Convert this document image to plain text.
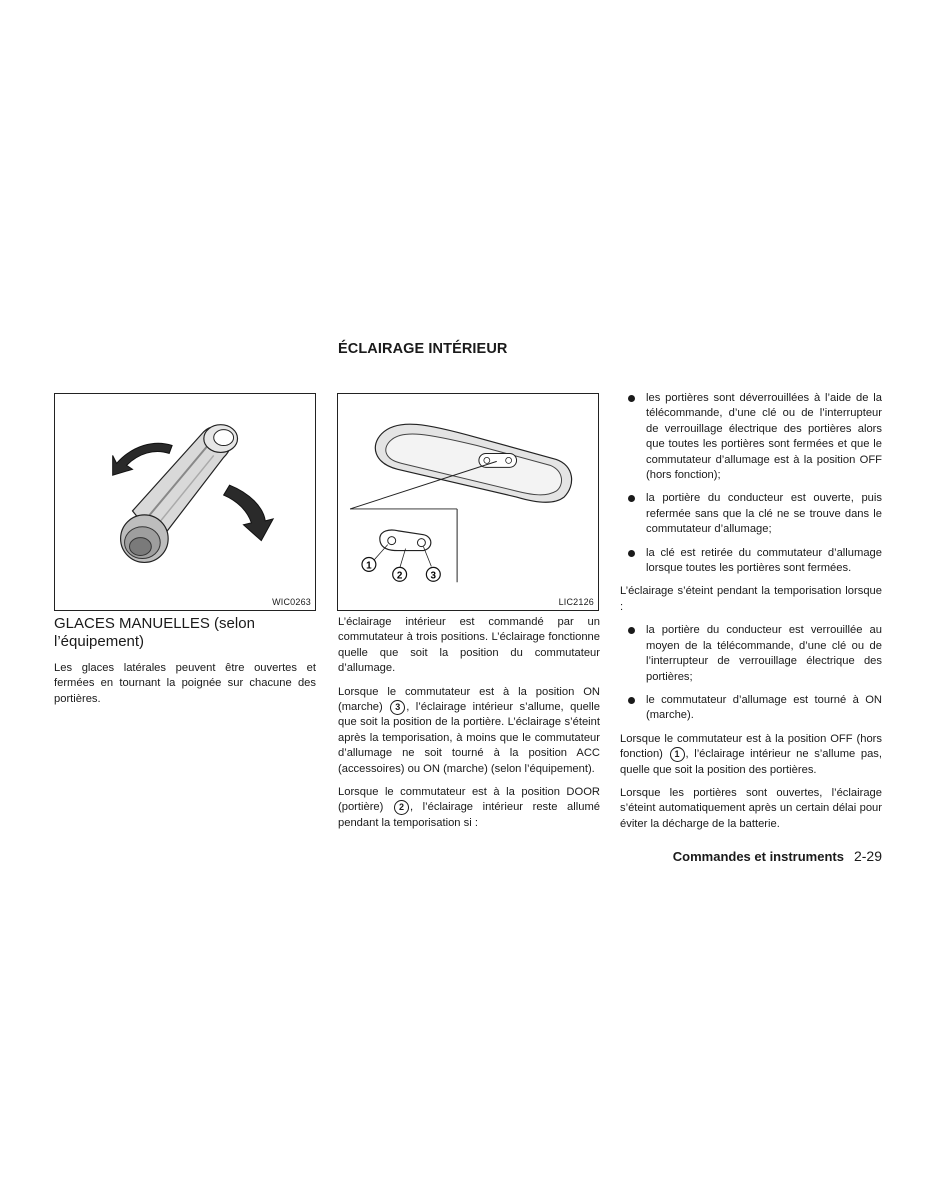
ÉCLAIRAGE INTÉRIEUR
WIC0263
1
2	3
LIC2126
GLACES MANUELLES (selon l’équipement)

Les glaces latérales peuvent être ouvertes et fermées en tournant la poignée sur chacune des portières.

L’éclairage intérieur est commandé par un commutateur à trois positions. L’éclairage fonctionne quelle que soit la position du commutateur d’allumage.

Lorsque le commutateur est à la position ON (marche) 3 , l’éclairage intérieur s’allume, quelle que soit la position de la portière. L’éclairage s’éteint après la temporisation, à moins que le commutateur d’allumage ne soit tourné à la position ACC (accessoires) ou ON (marche) (selon l’équipement).

Lorsque le commutateur est à la position DOOR (portière) 2 , l’éclairage intérieur reste allumé pendant la temporisation si :

les portières sont déverrouillées à l’aide de la télécommande, d’une clé ou de l’interrupteur de verrouillage électrique des portières alors que toutes les portières sont fermées et que le commutateur d’allumage est à la position OFF (hors fonction);
la portière du conducteur est ouverte, puis refermée sans que la clé ne se trouve dans le commutateur d’allumage;
la clé est retirée du commutateur d’allumage lorsque toutes les portières sont fermées.

L’éclairage s’éteint pendant la temporisation lorsque :

la portière du conducteur est verrouillée au moyen de la télécommande, d’une clé ou de l’interrupteur de verrouillage électrique des portières;
le commutateur d’allumage est tourné à ON (marche).

Lorsque le commutateur est à la position OFF (hors fonction) 1 , l’éclairage intérieur ne s’allume pas, quelle que soit la position des portières.

Lorsque les portières sont ouvertes, l’éclairage s’éteint automatiquement après un certain délai pour éviter la décharge de la batterie.

Commandes et instruments 2-29
